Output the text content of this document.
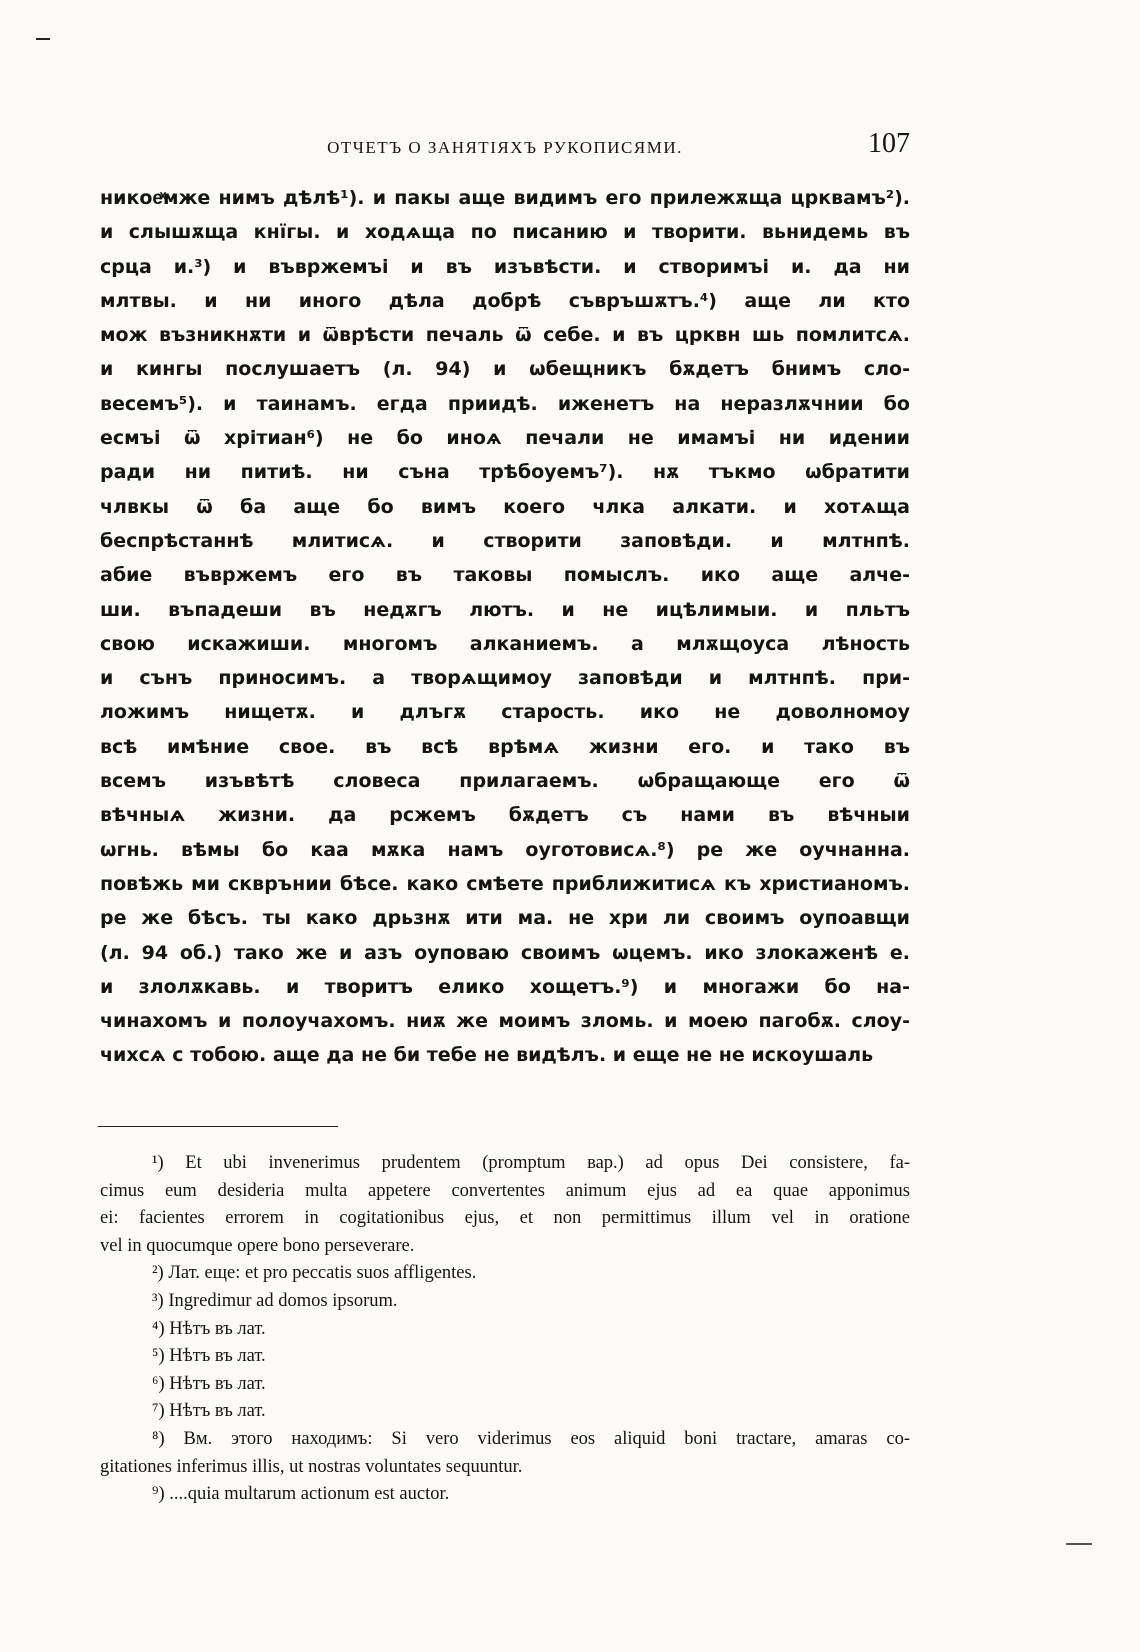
ОТЧЕТЪ О ЗАНЯТІЯХЪ РУКОПИСЯМИ.	107
никоеͯмже нимъ дѣлѣ¹). и пакы аще видимъ его прилежѫща црквамъ²).
и слышѫща кнїгы. и ходѧща по писанию и творити. вьнидемь въ
срца и.³) и въвржемъі и въ изъвѣсти. и створимъі и. да ни
млтвы. и ни иного дѣла добрѣ съвръшѫтъ.⁴) аще ли кто
мож възникнѫти и ѿврѣсти печаль ѿ себе. и въ црквн шь помлитсѧ.
и кингы послушаетъ (л. 94) и ѡбещникъ бѫдетъ бнимъ сло-
весемъ⁵). и таинамъ. егда приидѣ. иженетъ на неразлѫчнии бо
есмъі ѿ хрітиан⁶) не бо иноѧ печали не имамъі ни идении
ради ни питиѣ. ни съна трѣбоуемъ⁷). нѫ тъкмо ѡбратити
члвкы ѿ ба аще бо вимъ коего члка алкати. и хотѧща
беспрѣстаннѣ млитисѧ. и створити заповѣди. и млтнпѣ.
абие въвржемъ его въ таковы помыслъ. ико аще алче-
ши. въпадеши въ недѫгъ лютъ. и не ицѣлимыи. и пльтъ
свою искажиши. многомъ алканиемъ. а млѫщоуса лѣность
и сънъ приносимъ. а творѧщимоу заповѣди и млтнпѣ. при-
ложимъ нищетѫ. и длъгѫ старость. ико не доволномоу
всѣ имѣние свое. въ всѣ врѣмѧ жизни его. и тако въ
всемъ изъвѣтѣ словеса прилагаемъ. ѡбращающе его ѿ
вѣчныѧ жизни. да рсжемъ бѫдетъ съ нами въ вѣчныи
ѡгнь. вѣмы бо каа мѫка намъ оуготовисѧ.⁸) ре же оучнанна.
повѣжь ми скврънии бѣсе. како смѣете приближитисѧ къ христианомъ.
ре же бѣсъ. ты како дрьзнѫ ити ма. не хри ли своимъ оупоавщи
(л. 94 об.) тако же и азъ оуповаю своимъ ѡцемъ. ико злокаженѣ е.
и злолѫкавь. и творитъ елико хощетъ.⁹) и многажи бо на-
чинахомъ и полоучахомъ. ниѫ же моимъ зломь. и моею пагобѫ. слоу-
чихсѧ с тобою. аще да не би тебе не видѣлъ. и еще не не искоушаль
¹) Et ubi invenerimus prudentem (promptum вар.) ad opus Dei consistere, fa-
cimus eum desideria multa appetere convertentes animum ejus ad ea quae apponimus
ei: facientes errorem in cogitationibus ejus, et non permittimus illum vel in oratione
vel in quocumque opere bono perseverare.
²) Лат. еще: et pro peccatis suos affligentes.
³) Ingredimur ad domos ipsorum.
⁴) Нѣтъ въ лат.
⁵) Нѣтъ въ лат.
⁶) Нѣтъ въ лат.
⁷) Нѣтъ въ лат.
⁸) Вм. этого находимъ: Si vero viderimus eos aliquid boni tractare, amaras co-
gitationes inferimus illis, ut nostras voluntates sequuntur.
⁹) ....quia multarum actionum est auctor.
